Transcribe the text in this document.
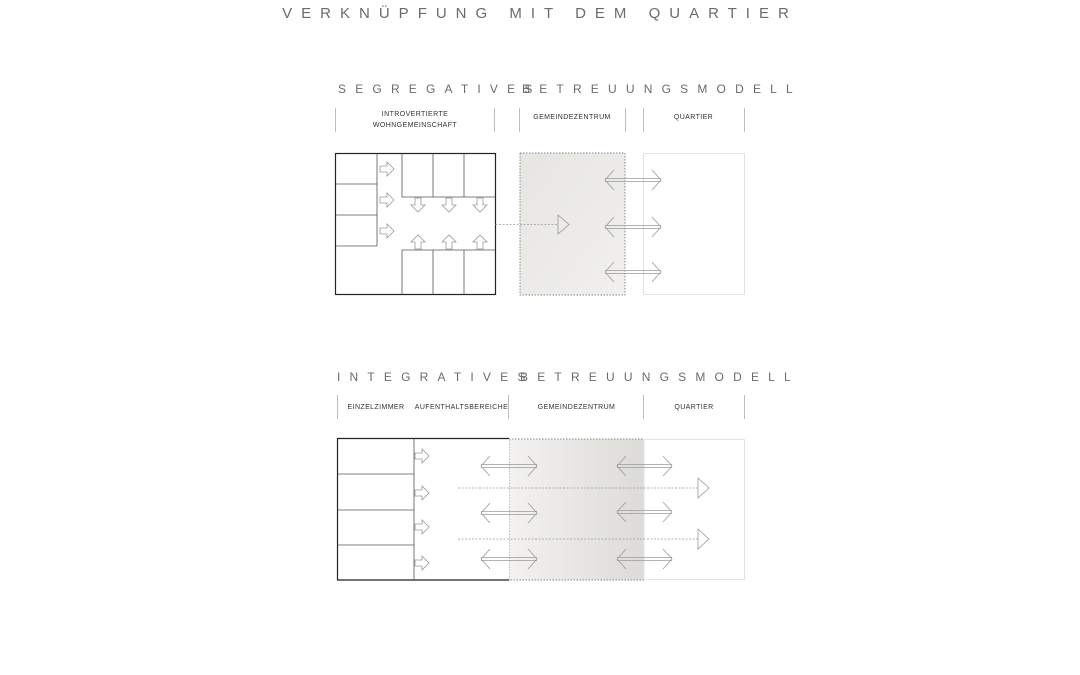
VERKNÜPFUNG MIT DEM QUARTIER
SEGREGATIVES
BETREUUNGSMODELL
INTEGRATIVES
BETREUUNGSMODELL
INTROVERTIERTE
WOHNGEMEINSCHAFT
GEMEINDEZENTRUM	QUARTIER
EINZELZIMMER	AUFENTHALTSBEREICHE	GEMEINDEZENTRUM	QUARTIER
